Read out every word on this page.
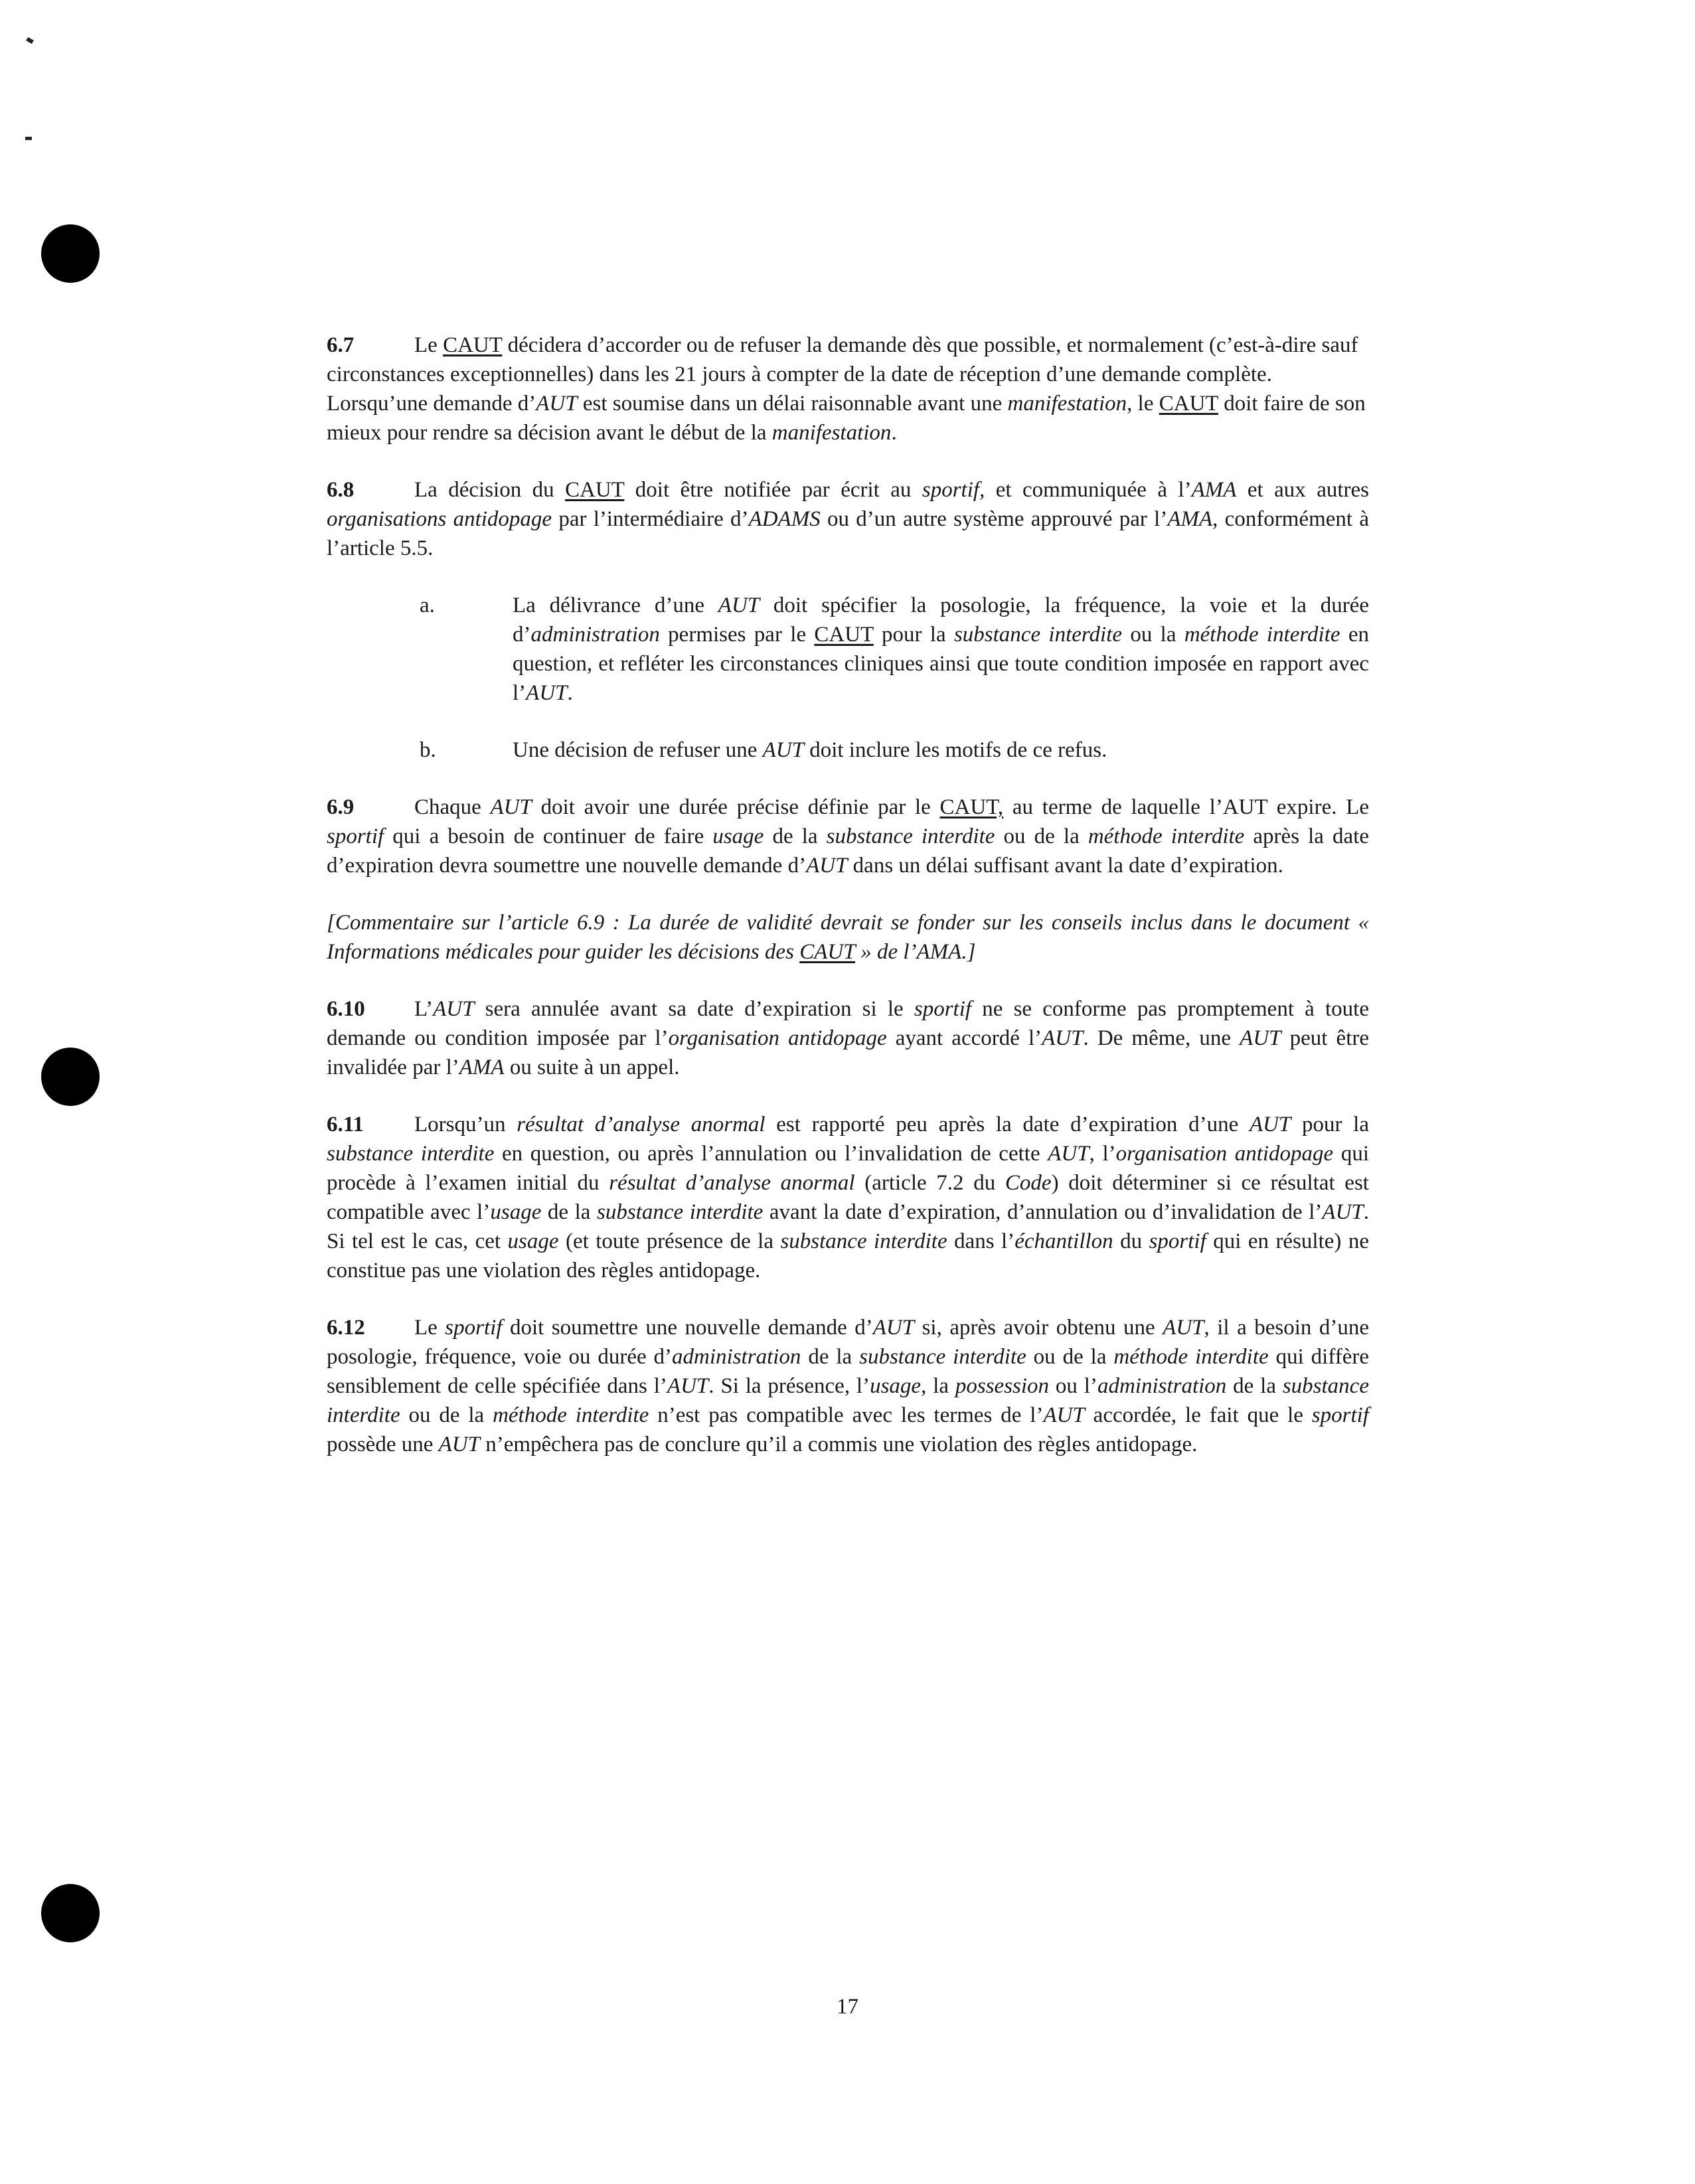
6.7	Le CAUT décidera d’accorder ou de refuser la demande dès que possible, et normalement (c’est-à-dire sauf circonstances exceptionnelles) dans les 21 jours à compter de la date de réception d’une demande complète. Lorsqu’une demande d’AUT est soumise dans un délai raisonnable avant une manifestation, le CAUT doit faire de son mieux pour rendre sa décision avant le début de la manifestation.

6.8	La décision du CAUT doit être notifiée par écrit au sportif, et communiquée à l’AMA et aux autres organisations antidopage par l’intermédiaire d’ADAMS ou d’un autre système approuvé par l’AMA, conformément à l’article 5.5.

a.	La délivrance d’une AUT doit spécifier la posologie, la fréquence, la voie et la durée d’administration permises par le CAUT pour la substance interdite ou la méthode interdite en question, et refléter les circonstances cliniques ainsi que toute condition imposée en rapport avec l’AUT.
b.	Une décision de refuser une AUT doit inclure les motifs de ce refus.

6.9	Chaque AUT doit avoir une durée précise définie par le CAUT, au terme de laquelle l’AUT expire. Le sportif qui a besoin de continuer de faire usage de la substance interdite ou de la méthode interdite après la date d’expiration devra soumettre une nouvelle demande d’AUT dans un délai suffisant avant la date d’expiration.

[Commentaire sur l’article 6.9 : La durée de validité devrait se fonder sur les conseils inclus dans le document « Informations médicales pour guider les décisions des CAUT » de l’AMA.]

6.10 L’AUT sera annulée avant sa date d’expiration si le sportif ne se conforme pas promptement à toute demande ou condition imposée par l’organisation antidopage ayant accordé l’AUT. De même, une AUT peut être invalidée par l’AMA ou suite à un appel.

6.11 Lorsqu’un résultat d’analyse anormal est rapporté peu après la date d’expiration d’une AUT pour la substance interdite en question, ou après l’annulation ou l’invalidation de cette AUT, l’organisation antidopage qui procède à l’examen initial du résultat d’analyse anormal (article 7.2 du Code) doit déterminer si ce résultat est compatible avec l’usage de la substance interdite avant la date d’expiration, d’annulation ou d’invalidation de l’AUT. Si tel est le cas, cet usage (et toute présence de la substance interdite dans l’échantillon du sportif qui en résulte) ne constitue pas une violation des règles antidopage.

6.12 Le sportif doit soumettre une nouvelle demande d’AUT si, après avoir obtenu une AUT, il a besoin d’une posologie, fréquence, voie ou durée d’administration de la substance interdite ou de la méthode interdite qui diffère sensiblement de celle spécifiée dans l’AUT. Si la présence, l’usage, la possession ou l’administration de la substance interdite ou de la méthode interdite n’est pas compatible avec les termes de l’AUT accordée, le fait que le sportif possède une AUT n’empêchera pas de conclure qu’il a commis une violation des règles antidopage.

17
